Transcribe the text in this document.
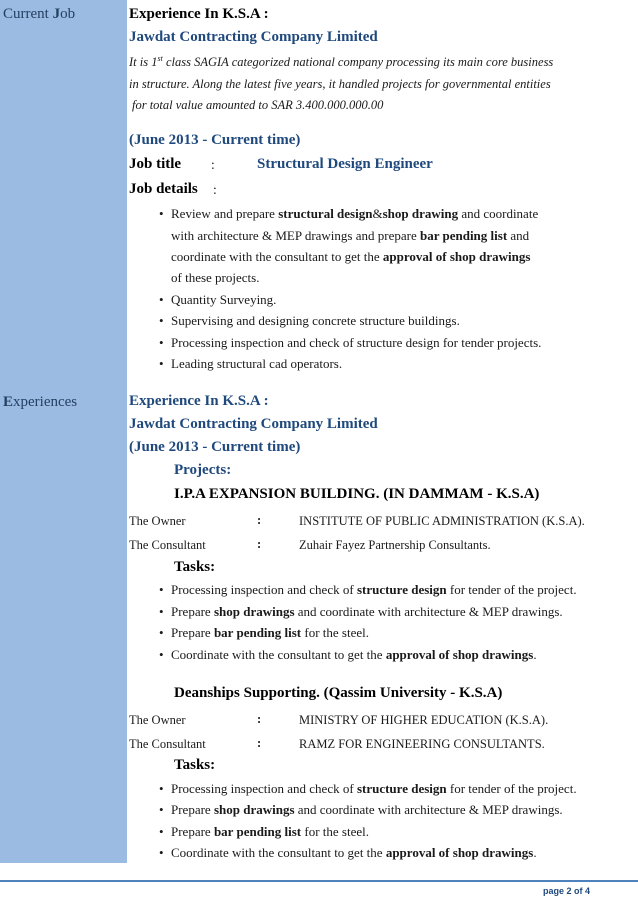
Current Job
Experiences
Experience In K.S.A :
Jawdat Contracting Company Limited
It is 1st class SAGIA categorized national company processing its main core business
in structure. Along the latest five years, it handled projects for governmental entities
for total value amounted to SAR 3.400.000.000.00
(June 2013 - Current time)
Job title :	Structural Design Engineer
Job details :
• Review and prepare structural design&shop drawing and coordinate
with architecture & MEP drawings and prepare bar pending list and
coordinate with the consultant to get the approval of shop drawings
of these projects.
• Quantity Surveying.
• Supervising and designing concrete structure buildings.
• Processing inspection and check of structure design for tender projects.
• Leading structural cad operators.
Experience In K.S.A :
Jawdat Contracting Company Limited
(June 2013 - Current time)
Projects:
I.P.A EXPANSION BUILDING. (IN DAMMAM - K.S.A)
The Owner	:	INSTITUTE OF PUBLIC ADMINISTRATION (K.S.A).
The Consultant	:	Zuhair Fayez Partnership Consultants.
Tasks:
• Processing inspection and check of structure design for tender of the project.
• Prepare shop drawings and coordinate with architecture & MEP drawings.
• Prepare bar pending list for the steel.
• Coordinate with the consultant to get the approval of shop drawings.
Deanships Supporting. (Qassim University - K.S.A)
The Owner	:	MINISTRY OF HIGHER EDUCATION (K.S.A).
The Consultant	:	RAMZ FOR ENGINEERING CONSULTANTS.
Tasks:
• Processing inspection and check of structure design for tender of the project.
• Prepare shop drawings and coordinate with architecture & MEP drawings.
• Prepare bar pending list for the steel.
• Coordinate with the consultant to get the approval of shop drawings.
page 2 of 4
